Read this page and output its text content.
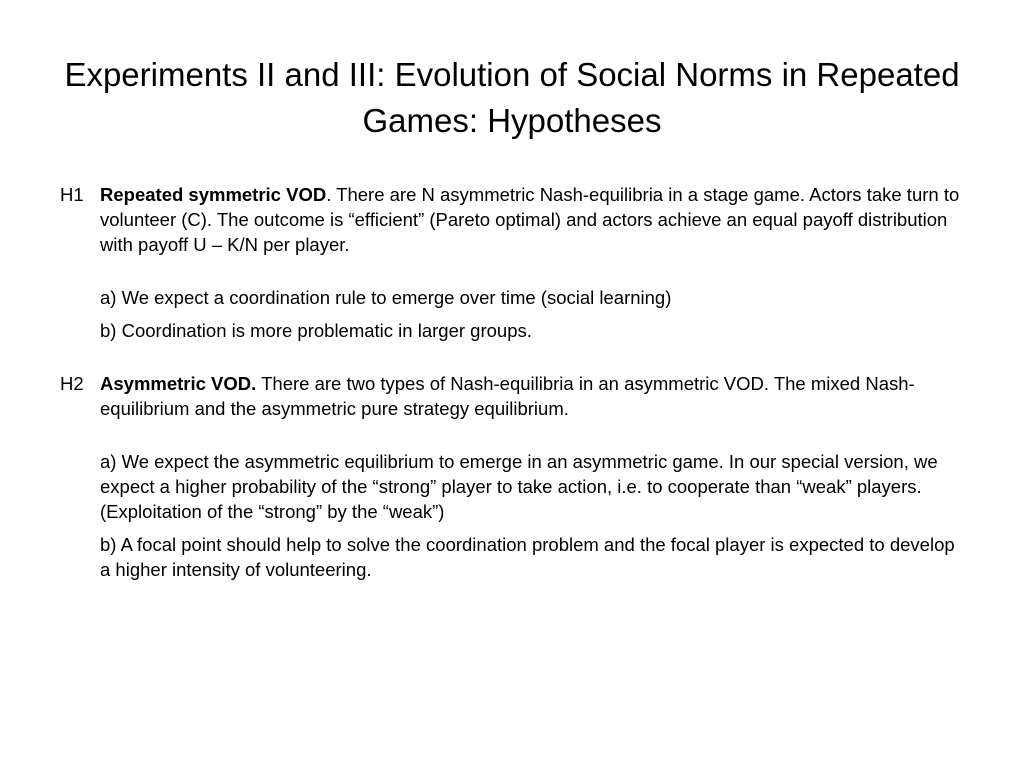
Experiments II and III: Evolution of Social Norms in Repeated Games: Hypotheses

H1 Repeated symmetric VOD. There are N asymmetric Nash-equilibria in a stage game. Actors take turn to volunteer (C). The outcome is “efficient” (Pareto optimal) and actors achieve an equal payoff distribution with payoff U – K/N per player.

a) We expect a coordination rule to emerge over time (social learning)

b) Coordination is more problematic in larger groups.

H2 Asymmetric VOD. There are two types of Nash-equilibria in an asymmetric VOD. The mixed Nash-equilibrium and the asymmetric pure strategy equilibrium.

a) We expect the asymmetric equilibrium to emerge in an asymmetric game. In our special version, we expect a higher probability of the “strong” player to take action, i.e. to cooperate than “weak” players. (Exploitation of the “strong” by the “weak”)

b) A focal point should help to solve the coordination problem and the focal player is expected to develop a higher intensity of volunteering.
